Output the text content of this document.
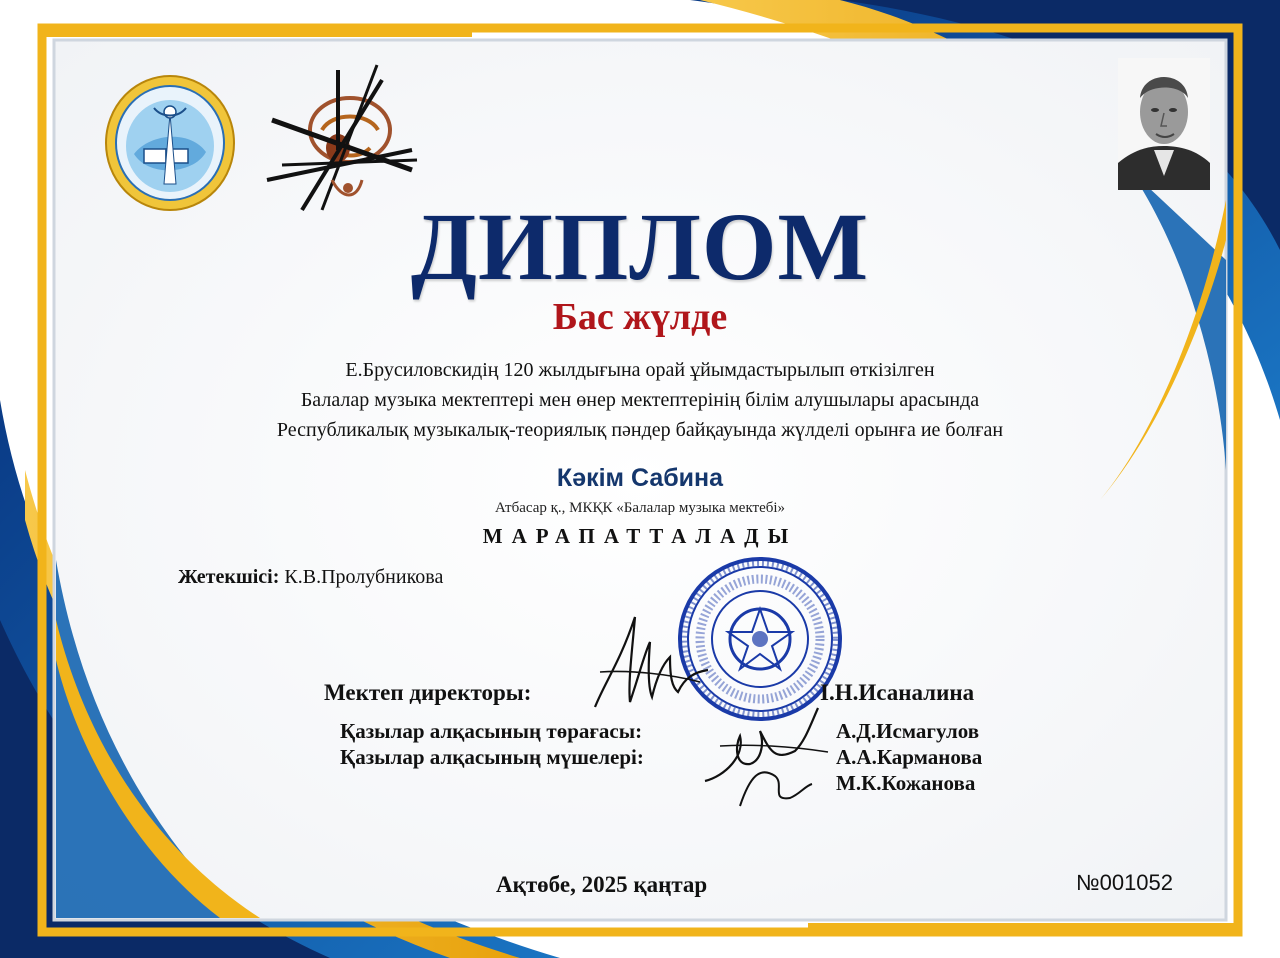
ДИПЛОМ
Бас жүлде
Е.Брусиловскидің 120 жылдығына орай ұйымдастырылып өткізілген
Балалар музыка мектептері мен өнер мектептерінің білім алушылары арасында
Республикалық музыкалық-теориялық пәндер байқауында жүлделі орынға ие болған
Кәкім Сабина
Атбасар қ., МКҚК «Балалар музыка мектебі»
МАРАПАТТАЛАДЫ
Жетекшісі: К.В.Пролубникова
Мектеп директоры:	І.Н.Исаналина
Қазылар алқасының төрағасы:	А.Д.Исмагулов
Қазылар алқасының мүшелері:	А.А.Карманова
М.К.Кожанова
Ақтөбе, 2025 қаңтар	№001052
